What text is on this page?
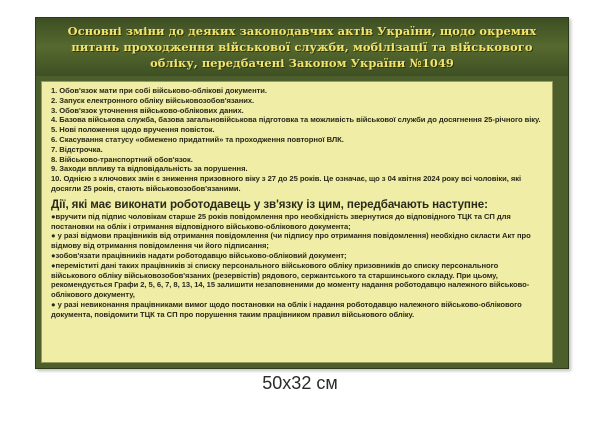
Основні зміни до деяких законодавчих актів України, щодо окремих питань проходження військової служби, мобілізації та військового обліку, передбачені Законом України №1049
1. Обов'язок мати при собі військово-облікові документи.
2. Запуск електронного обліку військовозобов'язаних.
3. Обов'язок уточнення військово-облікових даних.
4. Базова військова служба, базова загальновійськова підготовка та можливість військової служби до досягнення 25-річного віку.
5. Нові положення щодо вручення повісток.
6. Скасування статусу «обмежено придатний» та проходження повторної ВЛК.
7. Відстрочка.
8. Військово-транспортний обов'язок.
9. Заходи впливу та відповідальність за порушення.
10. Однією з ключових змін є зниження призовного віку з 27 до 25 років. Це означає, що з 04 квітня 2024 року всі чоловіки, які досягли 25 років, стають військовозобов'язаними.
Дії, які має виконати роботодавець у зв'язку із цим, передбачають наступне:
●вручити під підпис чоловікам старше 25 років повідомлення про необхідність звернутися до відповідного ТЦК та СП для постановки на облік і отримання відповідного військово-облікового документа;
● у разі відмови працівників від отримання повідомлення (чи підпису про отримання повідомлення) необхідно скласти Акт про відмову від отримання повідомлення чи його підписання;
●зобов'язати працівників надати роботодавцю військово-обліковий документ;
●переміститі дані таких працівників зі списку персонального військового обліку призовників до списку персонального військового обліку військовозобов'язаних (резервістів) рядового, сержантського та старшинського складу. При цьому, рекомендується Графи 2, 5, 6, 7, 8, 13, 14, 15 залишити незаповненими до моменту надання роботодавцю належного військово-облікового документу,
● у разі невиконання працівниками вимог щодо постановки на облік і надання роботодавцю належного військово-облікового документа, повідомити ТЦК та СП про порушення таким працівником правил військового обліку.
50x32 см
